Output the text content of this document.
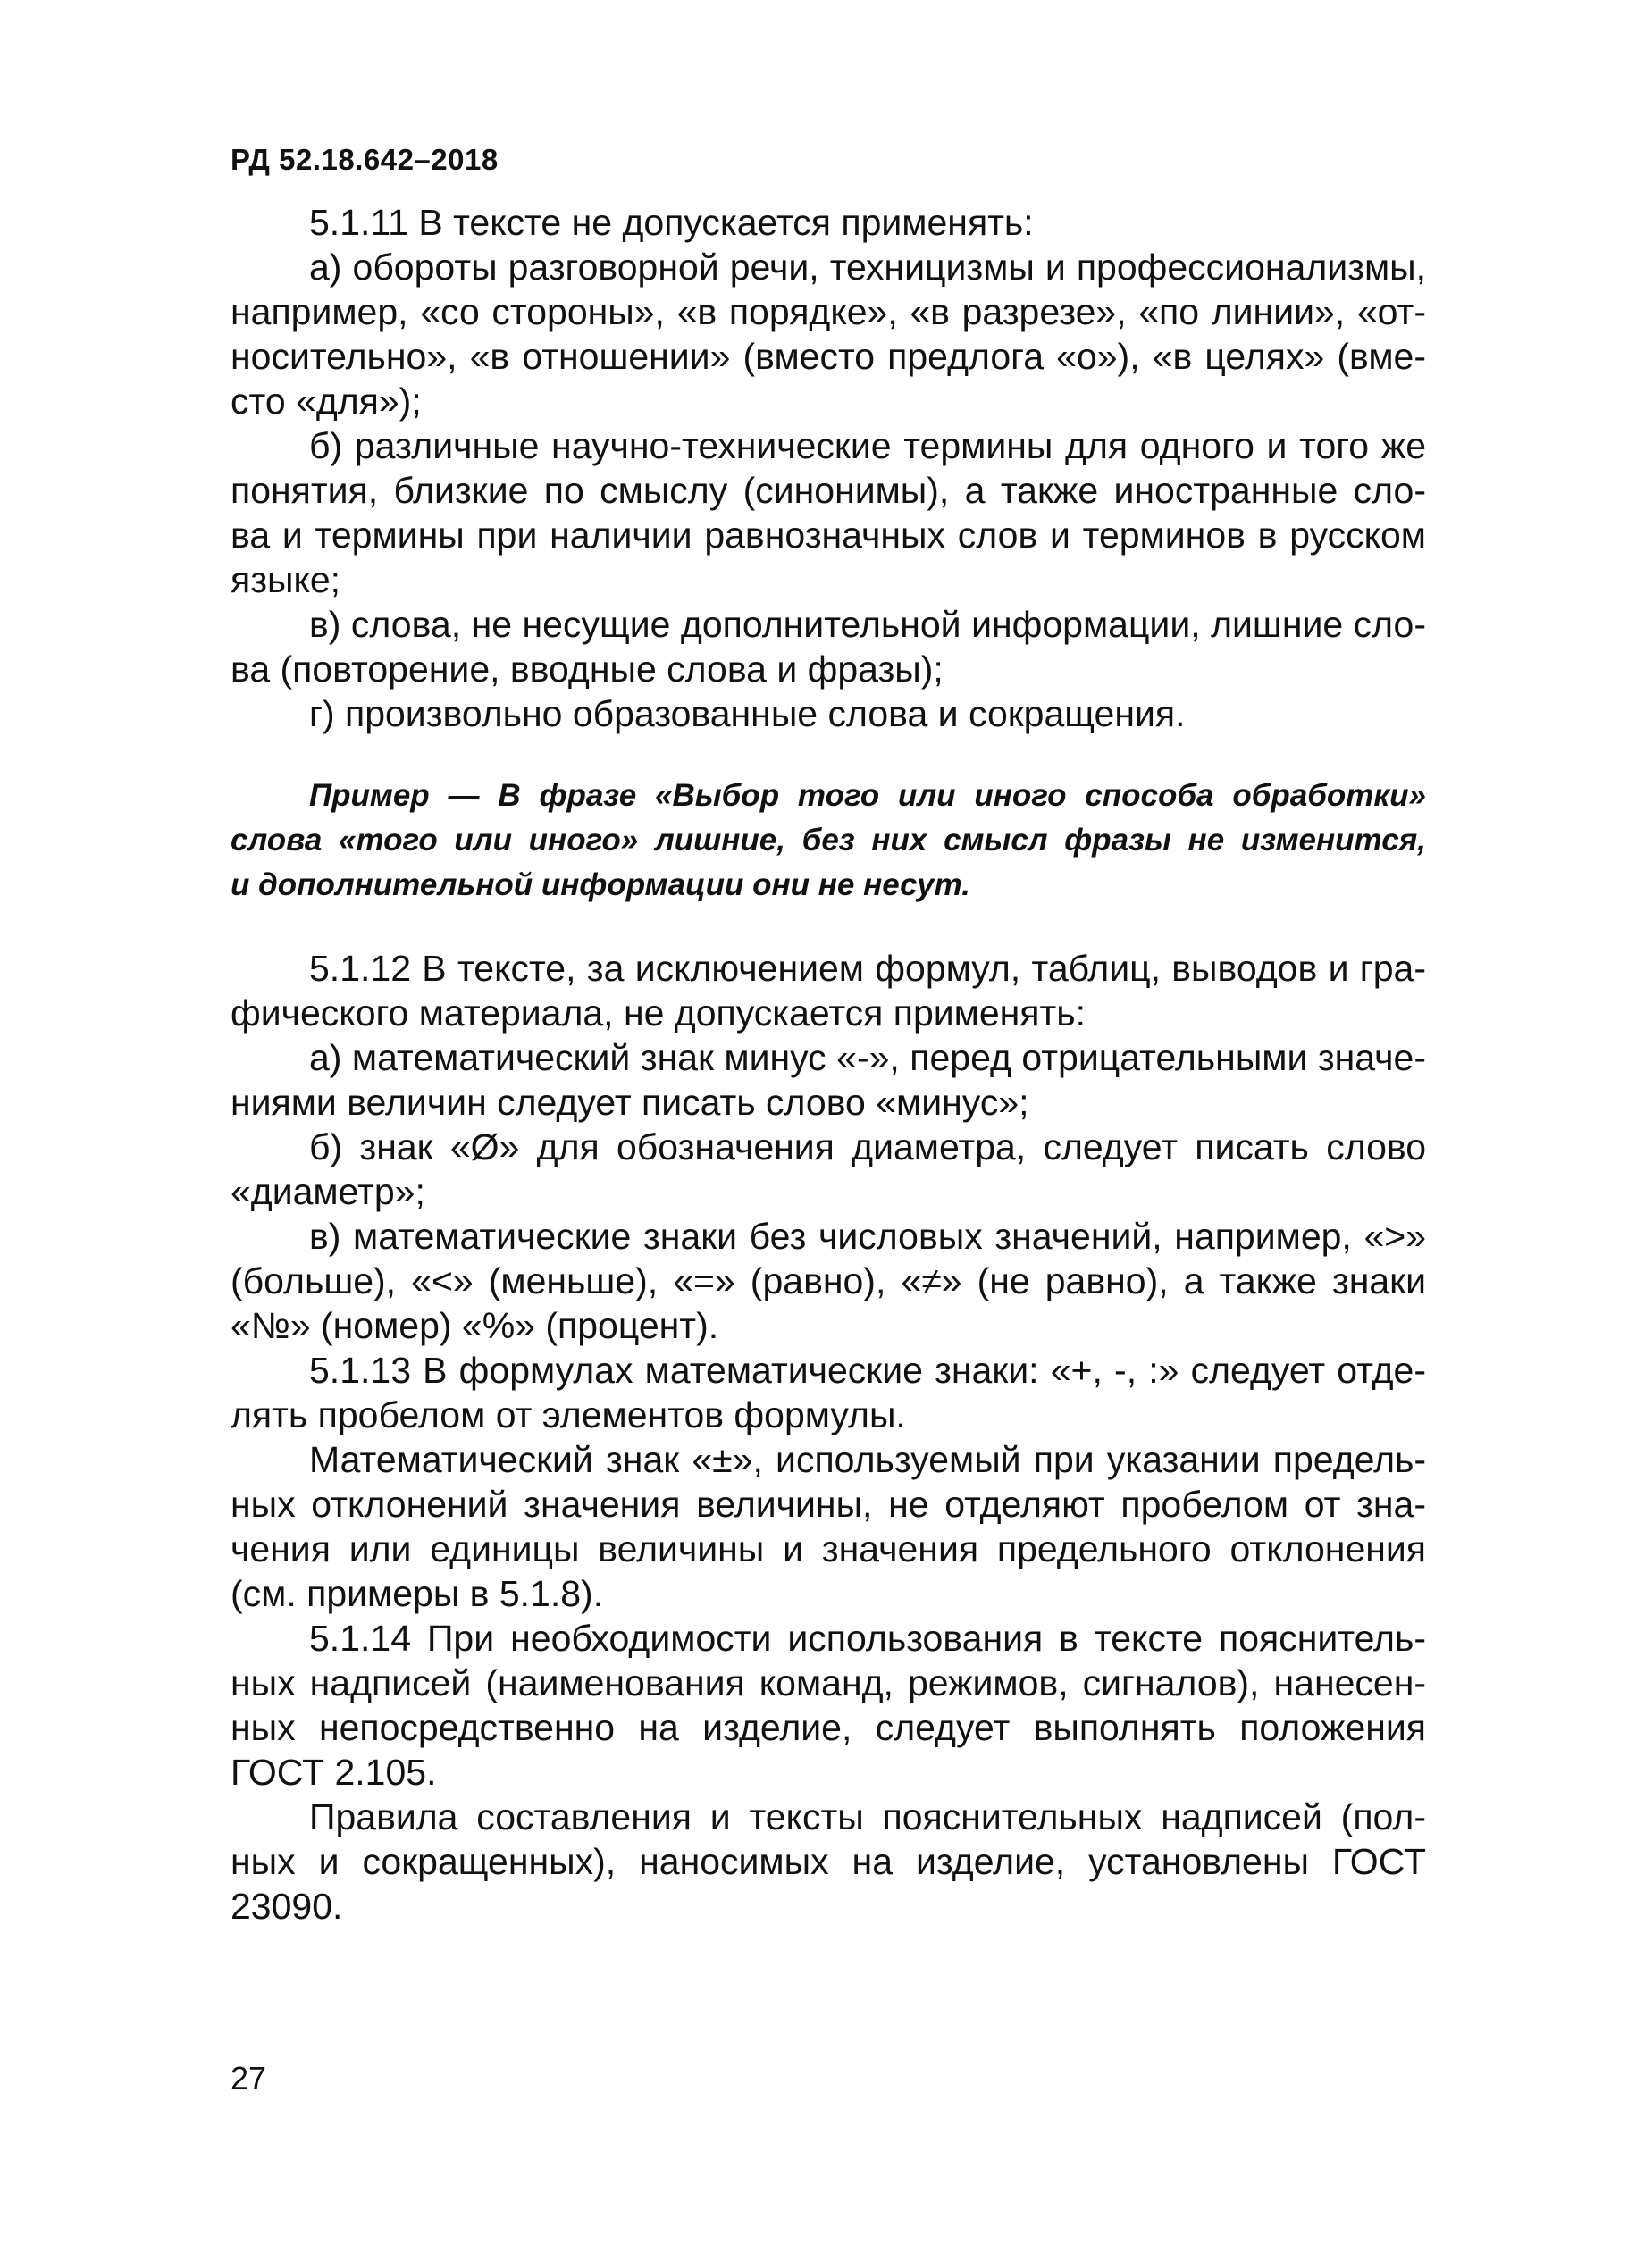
РД 52.18.642–2018
5.1.11 В тексте не допускается применять:
а) обороты разговорной речи, техницизмы и профессионализмы,
например, «со стороны», «в порядке», «в разрезе», «по линии», «от-
носительно», «в отношении» (вместо предлога «о»), «в целях» (вме-
сто «для»);
б) различные научно-технические термины для одного и того же
понятия, близкие по смыслу (синонимы), а также иностранные сло-
ва и термины при наличии равнозначных слов и терминов в русском
языке;
в) слова, не несущие дополнительной информации, лишние сло-
ва (повторение, вводные слова и фразы);
г) произвольно образованные слова и сокращения.
Пример — В фразе «Выбор того или иного способа обработки»
слова «того или иного» лишние, без них смысл фразы не изменится,
и дополнительной информации они не несут.
5.1.12 В тексте, за исключением формул, таблиц, выводов и гра-
фического материала, не допускается применять:
а) математический знак минус «-», перед отрицательными значе-
ниями величин следует писать слово «минус»;
б) знак «Ø» для обозначения диаметра, следует писать слово
«диаметр»;
в) математические знаки без числовых значений, например, «>»
(больше), «<» (меньше), «=» (равно), «≠» (не равно), а также знаки
«№» (номер) «%» (процент).
5.1.13 В формулах математические знаки: «+, -, :» следует отде-
лять пробелом от элементов формулы.
Математический знак «±», используемый при указании предель-
ных отклонений значения величины, не отделяют пробелом от зна-
чения или единицы величины и значения предельного отклонения
(см. примеры в 5.1.8).
5.1.14 При необходимости использования в тексте пояснитель-
ных надписей (наименования команд, режимов, сигналов), нанесен-
ных непосредственно на изделие, следует выполнять положения
ГОСТ 2.105.
Правила составления и тексты пояснительных надписей (пол-
ных и сокращенных), наносимых на изделие, установлены ГОСТ
23090.
27
